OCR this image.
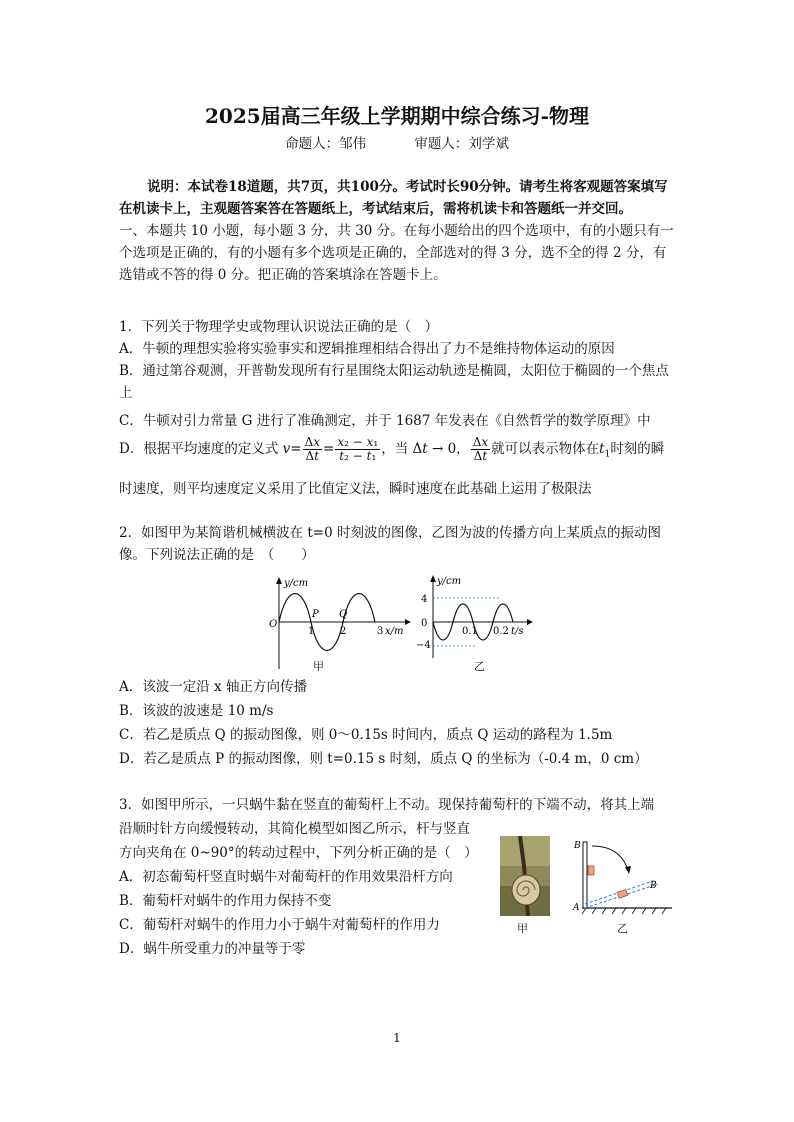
2025届高三年级上学期期中综合练习-物理
命题人：邹伟	审题人：刘学斌
说明：本试卷18道题，共7页，共100分。考试时长90分钟。请考生将客观题答案填写在机读卡上，主观题答案答在答题纸上，考试结束后，需将机读卡和答题纸一并交回。
一、本题共 10 小题，每小题 3 分，共 30 分。在每小题给出的四个选项中，有的小题只有一个选项是正确的，有的小题有多个选项是正确的，全部选对的得 3 分，选不全的得 2 分，有选错或不答的得 0 分。把正确的答案填涂在答题卡上。
1．下列关于物理学史或物理认识说法正确的是（　）
A．牛顿的理想实验将实验事实和逻辑推理相结合得出了力不是维持物体运动的原因
B．通过第谷观测，开普勒发现所有行星围绕太阳运动轨迹是椭圆，太阳位于椭圆的一个焦点上
C．牛顿对引力常量 G 进行了准确测定，并于 1687 年发表在《自然哲学的数学原理》中
D．根据平均速度的定义式 $v= \frac{\Delta x}{\Delta t} = \frac{\text{x₂ − x₁}}{\text{t₂ − t₁}}$ ，当 Δt → 0， $\frac{\Delta x}{\Delta t}$ 就可以表示物体在$t_1$时刻的瞬
时速度，则平均速度定义采用了比值定义法，瞬时速度在此基础上运用了极限法
2．如图甲为某简谐机械横波在 t=0 时刻波的图像，乙图为波的传播方向上某质点的振动图像。下列说法正确的是　（　　）
y/cm
O
P Q
1	2	3 x/m
甲
y/cm
4
0
−4
0.1 0.2 t/s
乙
A．该波一定沿 x 轴正方向传播
B．该波的波速是 10 m/s
C．若乙是质点 Q 的振动图像，则 0～0.15s 时间内，质点 Q 运动的路程为 1.5m
D．若乙是质点 P 的振动图像，则 t=0.15 s 时刻，质点 Q 的坐标为（-0.4 m，0 cm）
3．如图甲所示，一只蜗牛黏在竖直的葡萄杆上不动。现保持葡萄杆的下端不动，将其上端
沿顺时针方向缓慢转动，其简化模型如图乙所示，杆与竖直
方向夹角在 0~90°的转动过程中，下列分析正确的是（　）
A．初态葡萄杆竖直时蜗牛对葡萄杆的作用效果沿杆方向
B．葡萄杆对蜗牛的作用力保持不变
C．葡萄杆对蜗牛的作用力小于蜗牛对葡萄杆的作用力
D．蜗牛所受重力的冲量等于零
甲
A
B
B
乙
1
